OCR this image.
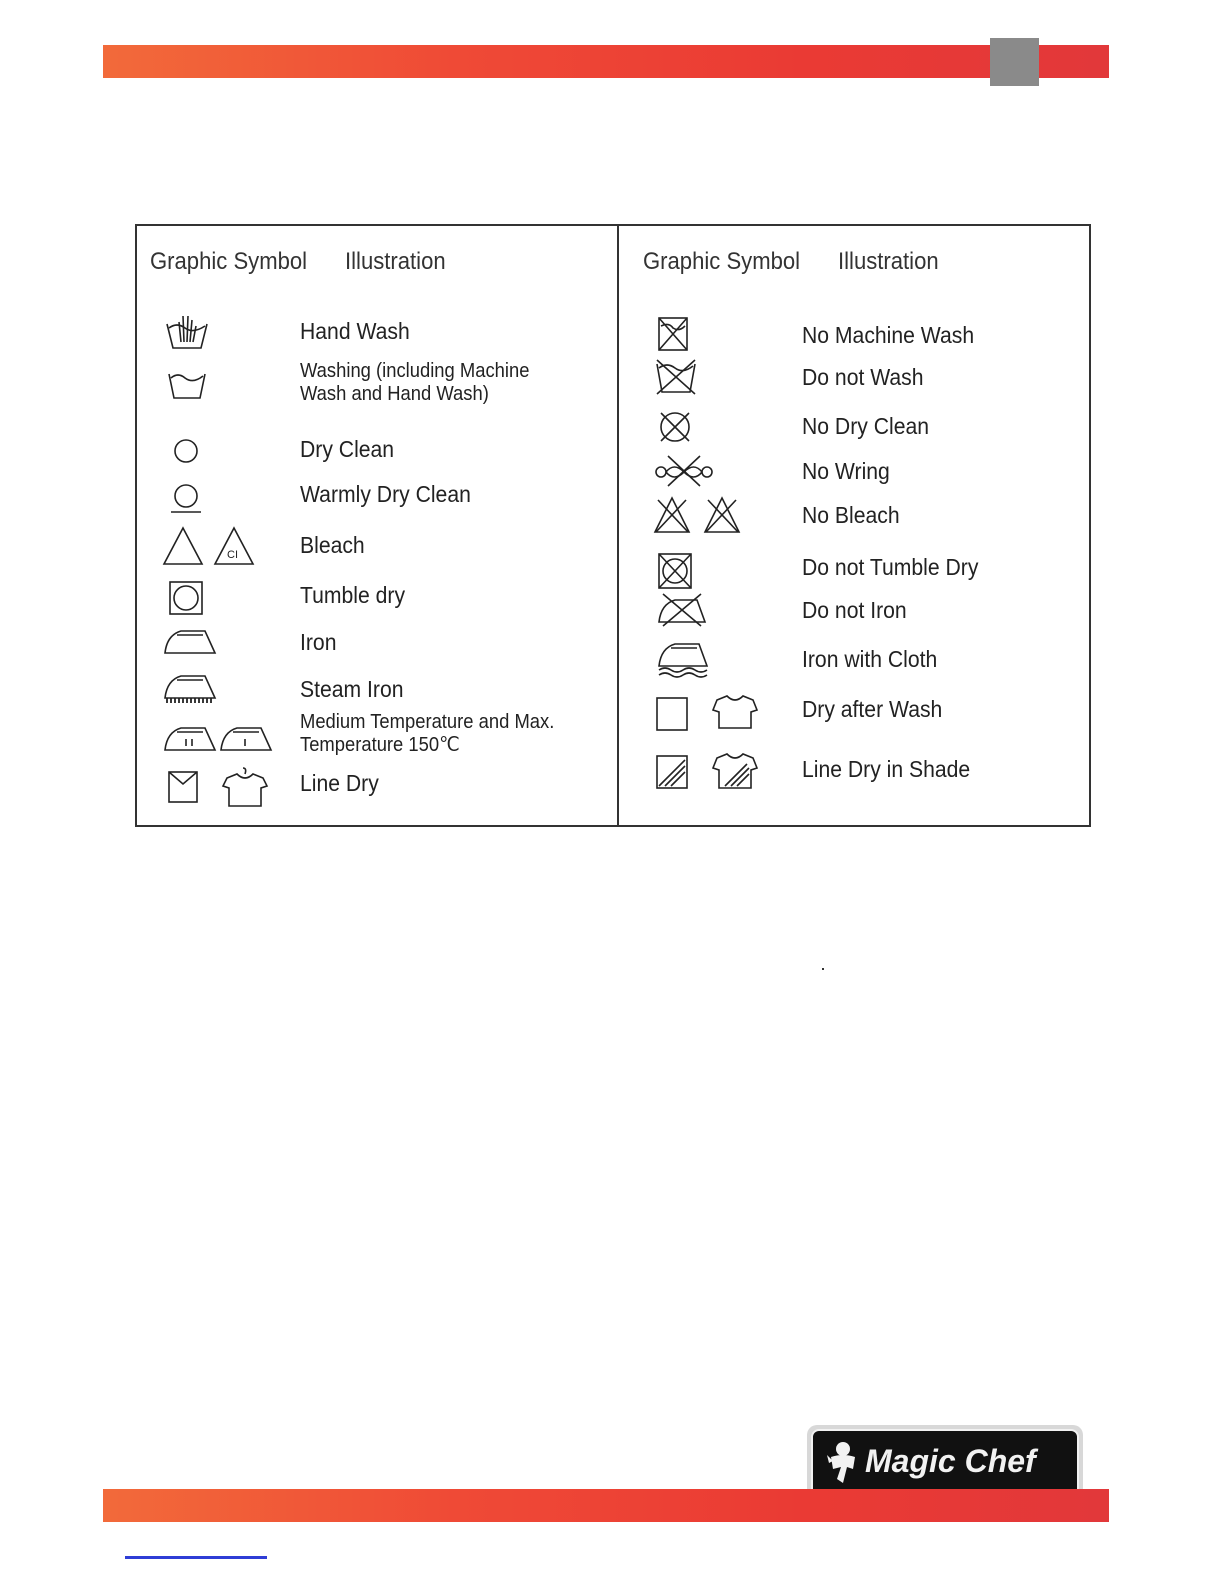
Graphic Symbol Illustration
Hand Wash
Washing (including Machine Wash and Hand Wash)
Dry Clean
Warmly Dry Clean
CI	Bleach
Tumble dry
Iron
Steam Iron
Medium Temperature and Max. Temperature 150℃
Line Dry
Graphic Symbol Illustration
No Machine Wash
Do not Wash
No Dry Clean
No Wring
No Bleach
Do not Tumble Dry
Do not Iron
Iron with Cloth
Dry after Wash
Line Dry in Shade
Magic Chef
